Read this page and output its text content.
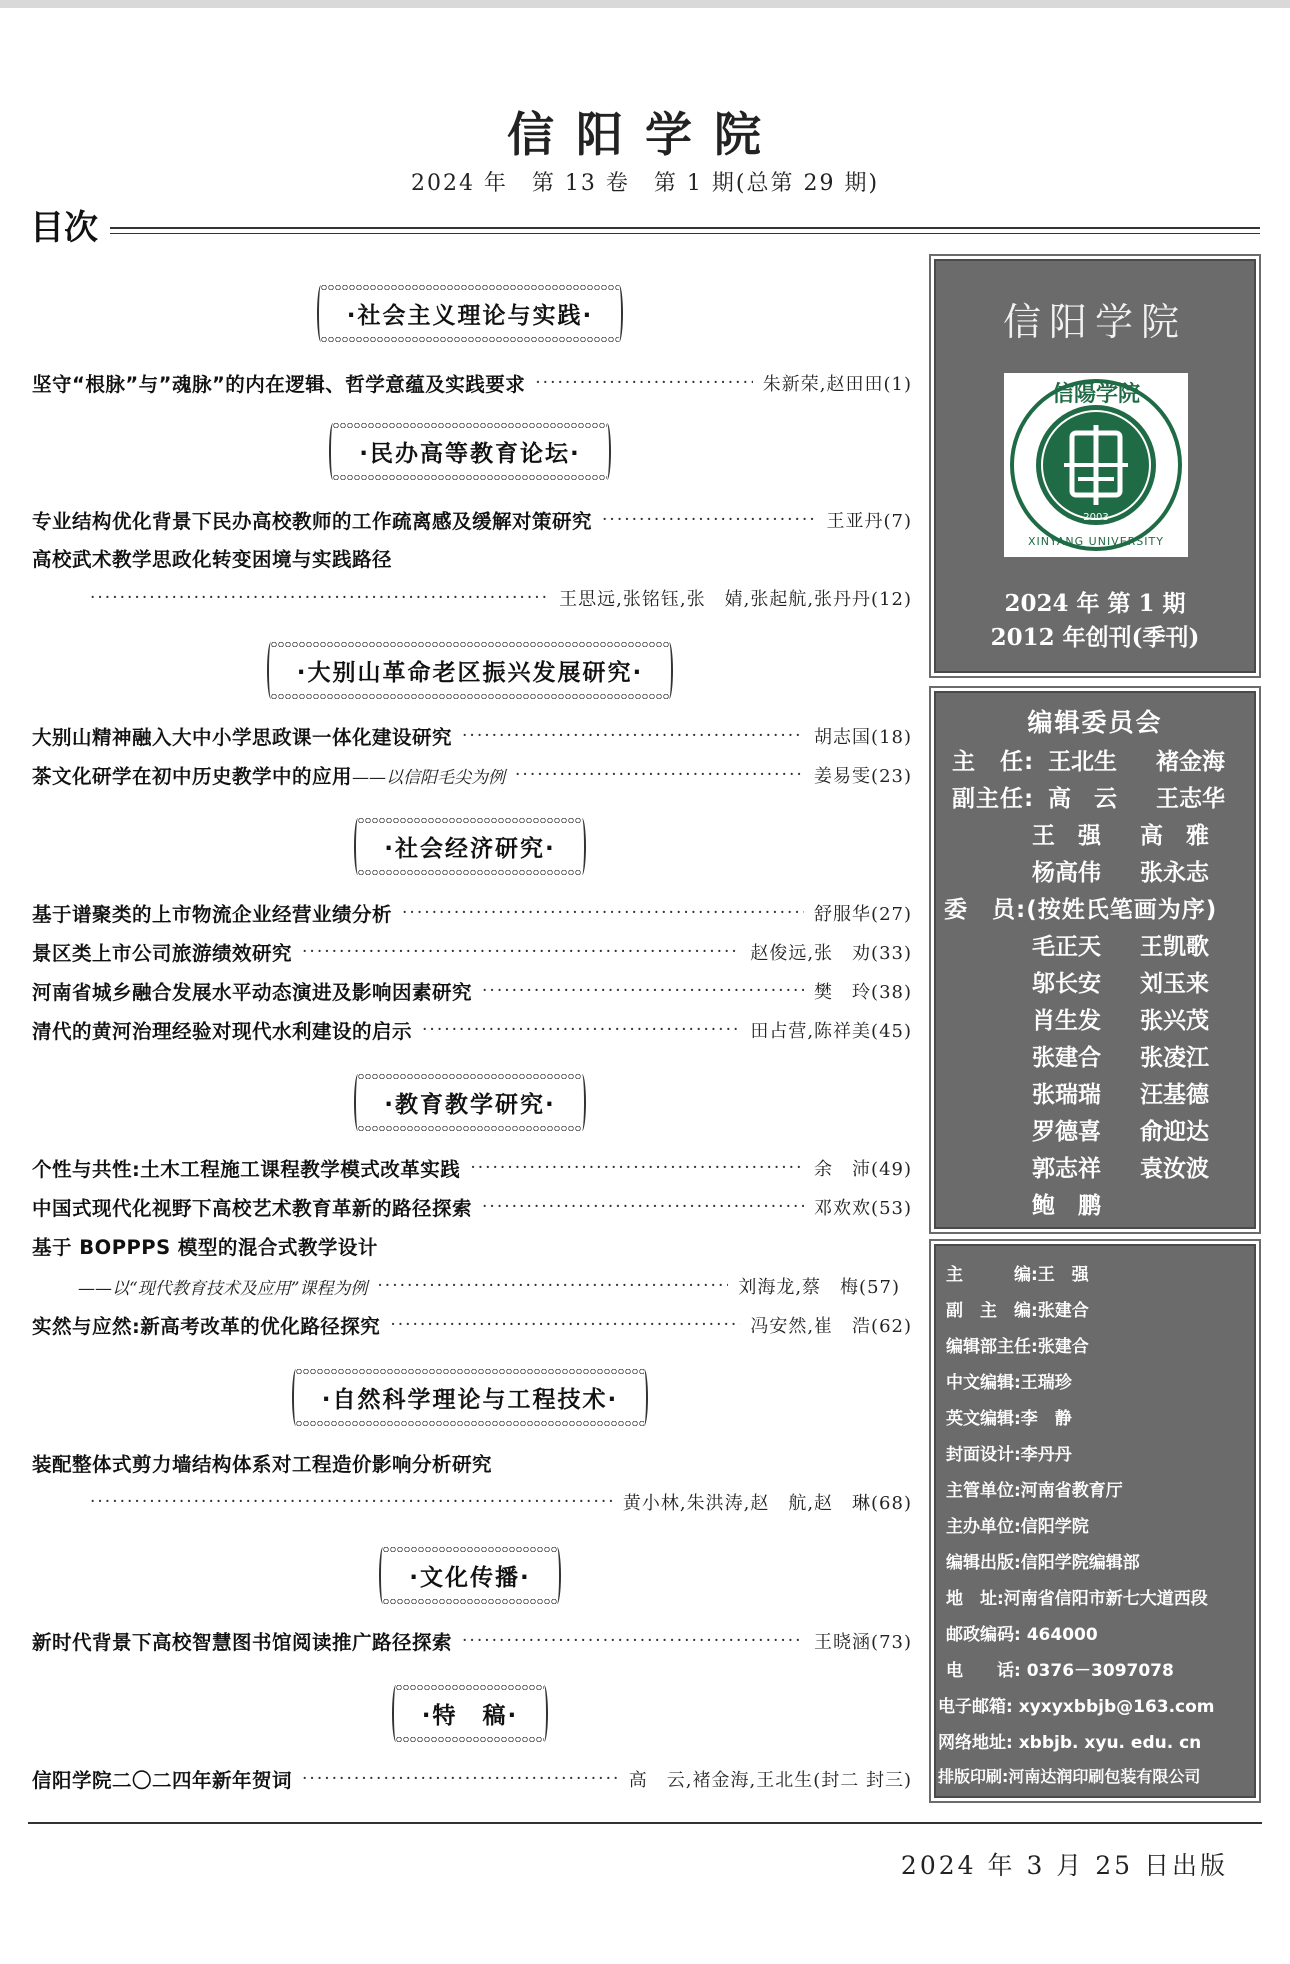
信阳学院
2024 年　第 13 卷　第 1 期(总第 29 期)
目次
·社会主义理论与实践·
坚守“根脉”与”魂脉”的内在逻辑、哲学意蕴及实践要求 ·····	朱新荣,赵田田(1)
·民办高等教育论坛·
专业结构优化背景下民办高校教师的工作疏离感及缓解对策研究 ·····	王亚丹(7)
高校武术教学思政化转变困境与实践路径
·····
王思远,张铭钰,张　婧,张起航,张丹丹(12)
·大别山革命老区振兴发展研究·
大别山精神融入大中小学思政课一体化建设研究 ·····	胡志国(18)
茶文化研学在初中历史教学中的应用 ——以信阳毛尖为例 ·····	姜易雯(23)
·社会经济研究·
基于谱聚类的上市物流企业经营业绩分析 ·····	舒服华(27)
景区类上市公司旅游绩效研究 ·····	赵俊远,张　劝(33)
河南省城乡融合发展水平动态演进及影响因素研究 ·····	樊　玲(38)
清代的黄河治理经验对现代水利建设的启示 ·····	田占营,陈祥美(45)
·教育教学研究·
个性与共性:土木工程施工课程教学模式改革实践 ·····	余　沛(49)
中国式现代化视野下高校艺术教育革新的路径探索 ·····	邓欢欢(53)
基于 BOPPPS 模型的混合式教学设计
——以“现代教育技术及应用”课程为例 ·····	刘海龙,蔡　梅(57)
实然与应然:新高考改革的优化路径探究 ·····	冯安然,崔　浩(62)
·自然科学理论与工程技术·
装配整体式剪力墙结构体系对工程造价影响分析研究
·····
黄小林,朱洪涛,赵　航,赵　琳(68)
·文化传播·
新时代背景下高校智慧图书馆阅读推广路径探索 ·····	王晓涵(73)
·特　稿·
信阳学院二〇二四年新年贺词 ·····	高　云,褚金海,王北生(封二 封三)
信阳学院
信陽学院
XINYANG UNIVERSITY
2003
2024 年 第 1 期
2012 年创刊(季刊)
编辑委员会
主　任: 王北生 褚金海
副主任: 高　云 王志华
王　强 高　雅
杨高伟 张永志
委　员:(按姓氏笔画为序)
毛正天 王凯歌
邬长安 刘玉来
肖生发 张兴茂
张建合 张凌江
张瑞瑞 汪基德
罗德喜 俞迎达
郭志祥 袁汝波
鲍　鹏
主　　　编:王　强
副　主　编:张建合
编辑部主任:张建合
中文编辑:王瑞珍
英文编辑:李　静
封面设计:李丹丹
主管单位:河南省教育厅
主办单位:信阳学院
编辑出版:信阳学院编辑部
地　址:河南省信阳市新七大道西段
邮政编码: 464000
电　　话: 0376－3097078
电子邮箱: xyxyxbbjb@163.com
网络地址: xbbjb. xyu. edu. cn
排版印刷:河南达润印刷包装有限公司
2024 年 3 月 25 日出版
